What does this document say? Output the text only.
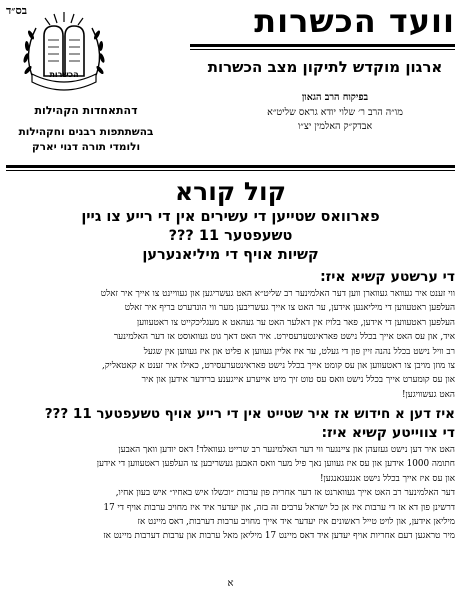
בס״ד	וועד הכשרות
ארגון מוקדש לתיקון מצב הכשרות
בפיקוח הרב הגאון
מו״ה הרב ר׳ שלוי יודא גראס שליט״א
אבדק״ק האלמין יצ״ו
הכשרות
דהתאחדות הקהילות
בהשתתפות רבנים וחקהילות
ולומדי תורה דנוי יארק
קול קורא
פארוואס שטייען די עשירים אין די רייע צו גיין
טשעפטער 11 ???
קשיות אויף די מיליאנערען
די ערשטע קשיא איז:
ווי זענט איר געוואר געווארן ווען דער האלמינער רב שליט״א האט געשריגען און געוויינט צו אייך איר זאלט
העלפען ראטעווען די מיליאנען אידען, ער האט צו אייך געשריבען מער ווי הונדערט בריף איר זאלט
העלפען ראטעווען די אידען, פאר בלויז אין דאלער האט ער געהאט א מעגליכקייט צו ראטעווען
איד, און עס האט אייך בכלל נישט פאראינטערעסירט. איר האט דאך גוט געוואוסט אז דער האלמינער
רב וויל נישט בכלל נהנה זיין פון די געלט, ער איז אליין געווען א פליט און איז געווען אין שגעל
צו מוזן מויבן צו ראטעווען און עס קומט אייך בכלל נישט פאראינטערעסירט, כאילו איר זענט א קאטאליק,
און עס קומערט אייך בכלל נישט וואס עס טוט זיך מיט אייערע אייגענע ברידער אידען און איר
האט געשוויגען!
איז דען א חידוש אז איר שטייט אין די רייע אויף טשעפטער 11 ???
די צווייטע קשיא איז:
האט איר דען נישט געזעהן און ציינגער ווי דער האלמינער רב שרייט געוואלד! דאס יודען וואך האבען
חתומה 1000 אידען און עס איז געווען נאך פיל מער וואס האבען געשריבען צו העלפען ראטעווען די אידען
און עס איז אייך בכלל נישט אנגעגאנגען!
דער האלמינער רב האט אייך געווארנט אז דער אחרית פון ערבות ״וכשלו איש באחיו״ איש בעון אחיו,
דרשינן פון דא אז די ערבות איז אן כל ישראל ערבים זה בזה, און יעדער איד איז מחויב ערבות אויף די 17
מיליאן אידען, און לויט טייל ראשונים איז יעדער איד אייך מחויב ערבות דערבות, דאס מיינט אז
מיר טראגען דעם אחריות אויף יעדען איד דאס מיינט 17 מיליאן מאל ערבות און ערבות דערבות מיינט אז
א
